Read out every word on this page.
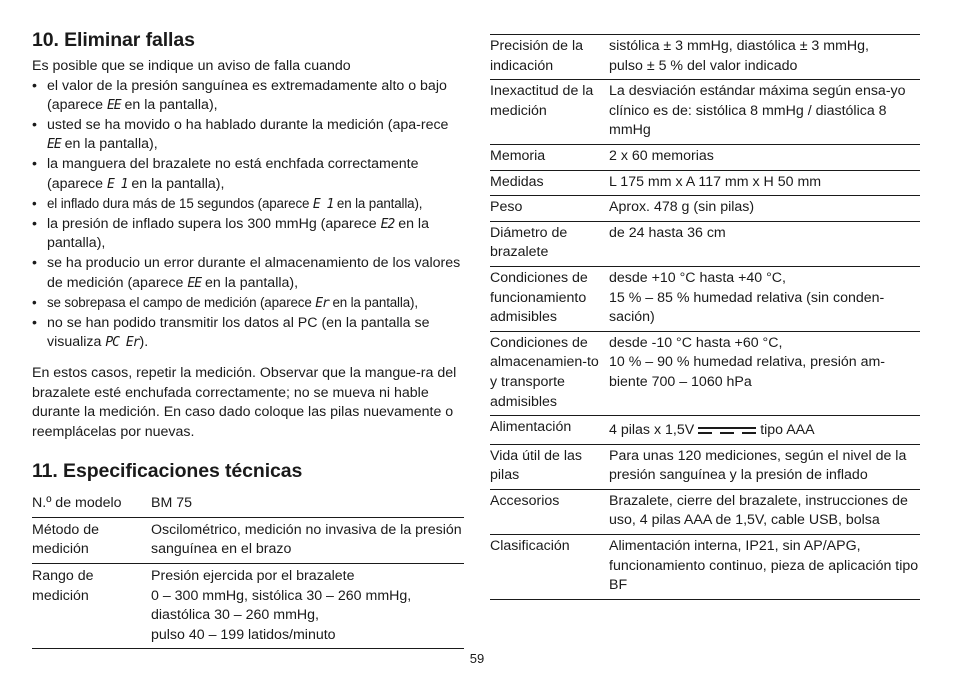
10. Eliminar fallas
Es posible que se indique un aviso de falla cuando
• el valor de la presión sanguínea es extremadamente alto o bajo (aparece EE en la pantalla),
• usted se ha movido o ha hablado durante la medición (apa-rece EE en la pantalla),
• la manguera del brazalete no está enchfada correctamente (aparece E 1 en la pantalla),
• el inflado dura más de 15 segundos (aparece E 1 en la pantalla),
• la presión de inflado supera los 300 mmHg (aparece E2 en la pantalla),
• se ha producio un error durante el almacenamiento de los valores de medición (aparece EE en la pantalla),
• se sobrepasa el campo de medición (aparece Er en la pantalla),
• no se han podido transmitir los datos al PC (en la pantalla se visualiza PC Er).

En estos casos, repetir la medición. Observar que la mangue-ra del brazalete esté enchufada correctamente; no se mueva ni hable durante la medición. En caso dado coloque las pilas nuevamente o reemplácelas por nuevas.

11. Especificaciones técnicas
N.º de modelo	BM 75

Método de medición	Oscilométrico, medición no invasiva de la presión sanguínea en el brazo

Rango de medición	Presión ejercida por el brazalete
0 – 300 mmHg, sistólica 30 – 260 mmHg,
diastólica 30 – 260 mmHg,
pulso 40 – 199 latidos/minuto
Precisión de la indicación	sistólica ± 3 mmHg, diastólica ± 3 mmHg,
pulso ± 5 % del valor indicado

Inexactitud de la medición	La desviación estándar máxima según ensa-yo clínico es de: sistólica 8 mmHg / diastólica 8 mmHg

Memoria	2 x 60 memorias

Medidas	L 175 mm x A 117 mm x H 50 mm

Peso	Aprox. 478 g (sin pilas)

Diámetro de brazalete	de 24 hasta 36 cm

Condiciones de funcionamiento admisibles	desde +10 °C hasta +40 °C,
15 % – 85 % humedad relativa (sin conden-sación)

Condiciones de almacenamien-to y transporte admisibles	desde -10 °C hasta +60 °C,
10 % – 90 % humedad relativa, presión am-biente 700 – 1060 hPa

Alimentación	4 pilas x 1,5V tipo AAA
Vida útil de las pilas	Para unas 120 mediciones, según el nivel de la presión sanguínea y la presión de inflado

Accesorios	Brazalete, cierre del brazalete, instrucciones de uso, 4 pilas AAA de 1,5V, cable USB, bolsa

Clasificación	Alimentación interna, IP21, sin AP/APG, funcionamiento continuo, pieza de aplicación tipo BF
59
